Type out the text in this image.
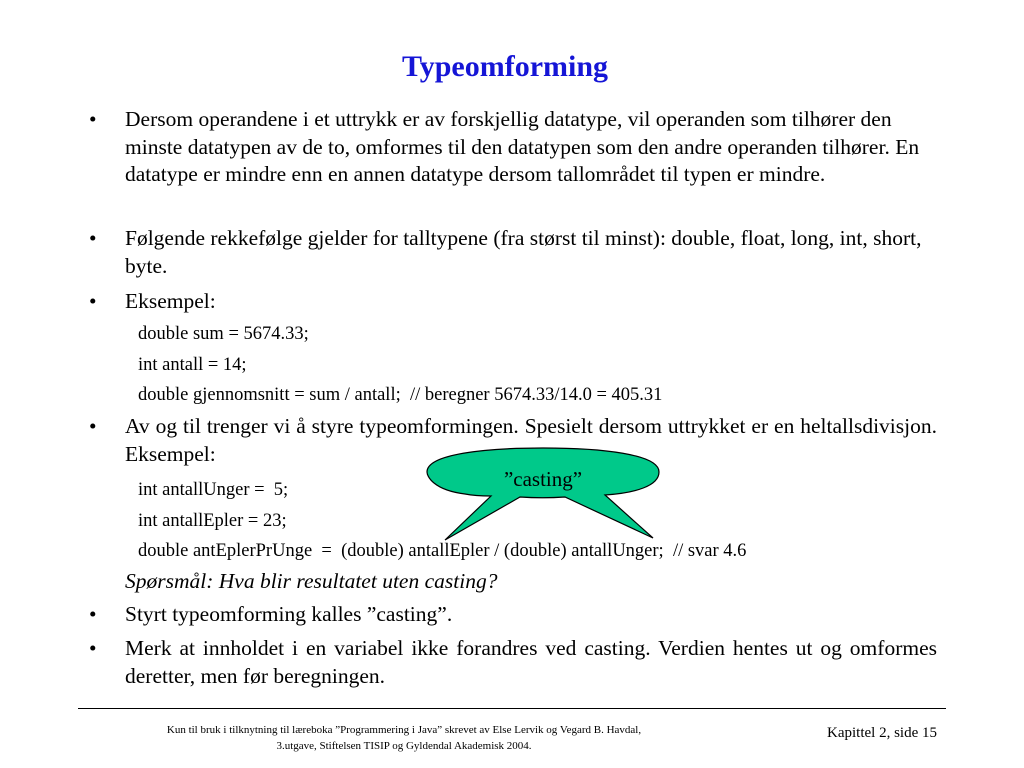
Typeomforming
•	Dersom operandene i et uttrykk er av forskjellig datatype, vil operanden som tilhører den minste datatypen av de to, omformes til den datatypen som den andre operanden tilhører. En datatype er mindre enn en annen datatype dersom tallområdet til typen er mindre.
•	Følgende rekkefølge gjelder for talltypene (fra størst til minst): double, float, long, int, short, byte.
•	Eksempel:
double sum = 5674.33;
int antall = 14;
double gjennomsnitt = sum / antall;  // beregner 5674.33/14.0 = 405.31
•	Av og til trenger vi å styre typeomformingen. Spesielt dersom uttrykket er en heltallsdivisjon. Eksempel:
int antallUnger =  5;
int antallEpler = 23;
double antEplerPrUnge  =  (double) antallEpler / (double) antallUnger;  // svar 4.6
Spørsmål: Hva blir resultatet uten casting?
•	Styrt typeomforming kalles ”casting”.
•	Merk at innholdet i en variabel ikke forandres ved casting. Verdien hentes ut og omformes deretter, men før beregningen.
”casting”
Kun til bruk i tilknytning til læreboka ”Programmering i Java” skrevet av Else Lervik og Vegard B. Havdal,
3.utgave, Stiftelsen TISIP og Gyldendal Akademisk 2004.
Kapittel 2, side 15
